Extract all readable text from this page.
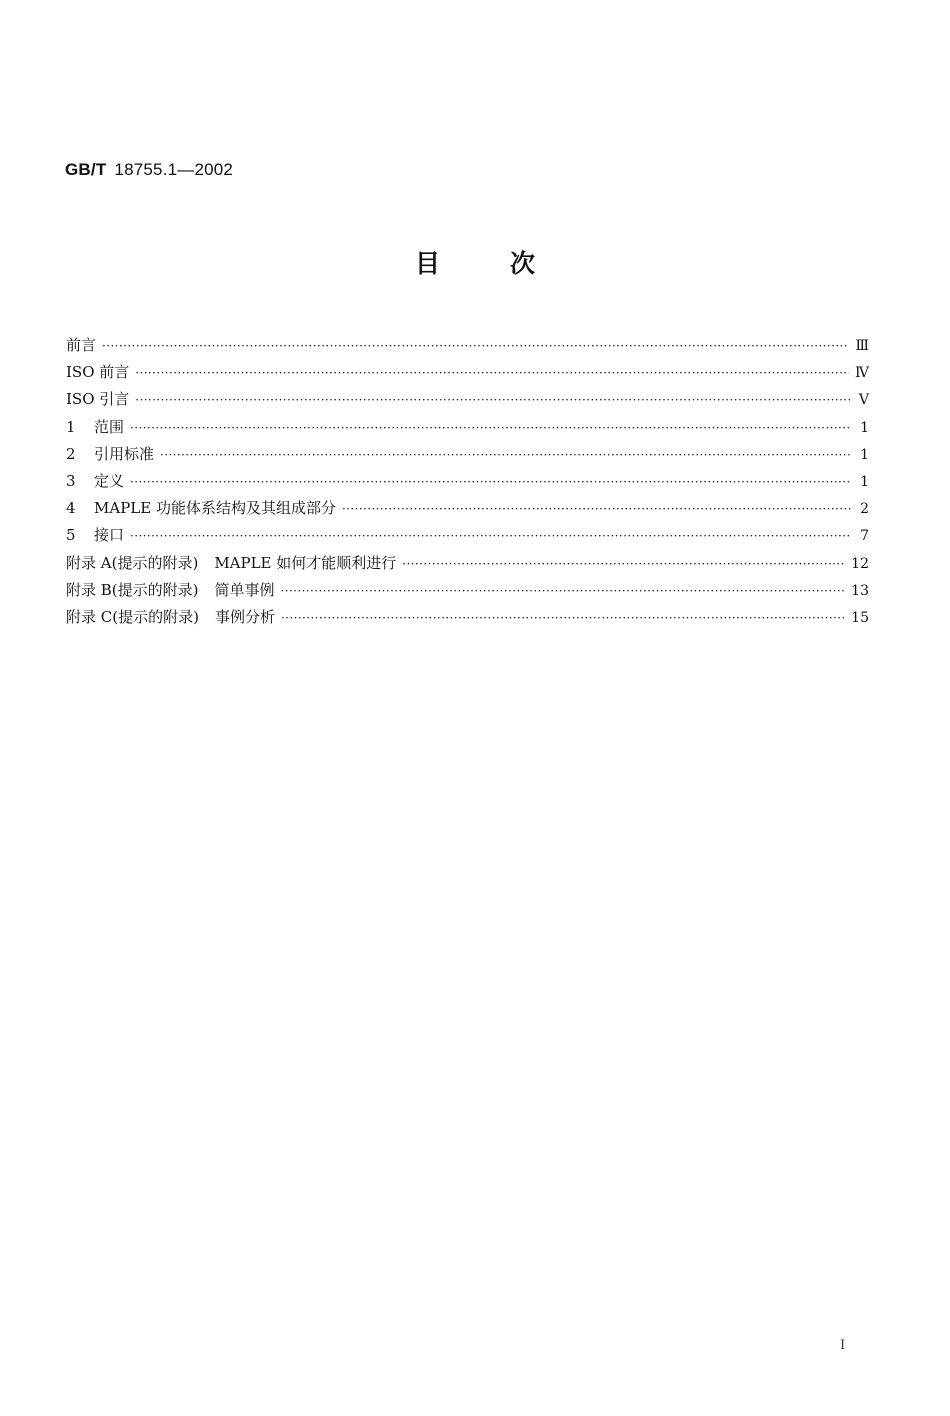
GB/T 18755.1—2002
目次
前言 ·····	Ⅲ
ISO 前言 ·····	Ⅳ
ISO 引言 ·····	Ⅴ
1 范围 ·····	1
2 引用标准 ·····	1
3 定义 ·····	1
4 MAPLE 功能体系结构及其组成部分 ·····	2
5 接口 ·····	7
附录 A(提示的附录) MAPLE 如何才能顺利进行 ·····	12
附录 B(提示的附录) 简单事例 ·····	13
附录 C(提示的附录) 事例分析 ·····	15
I
